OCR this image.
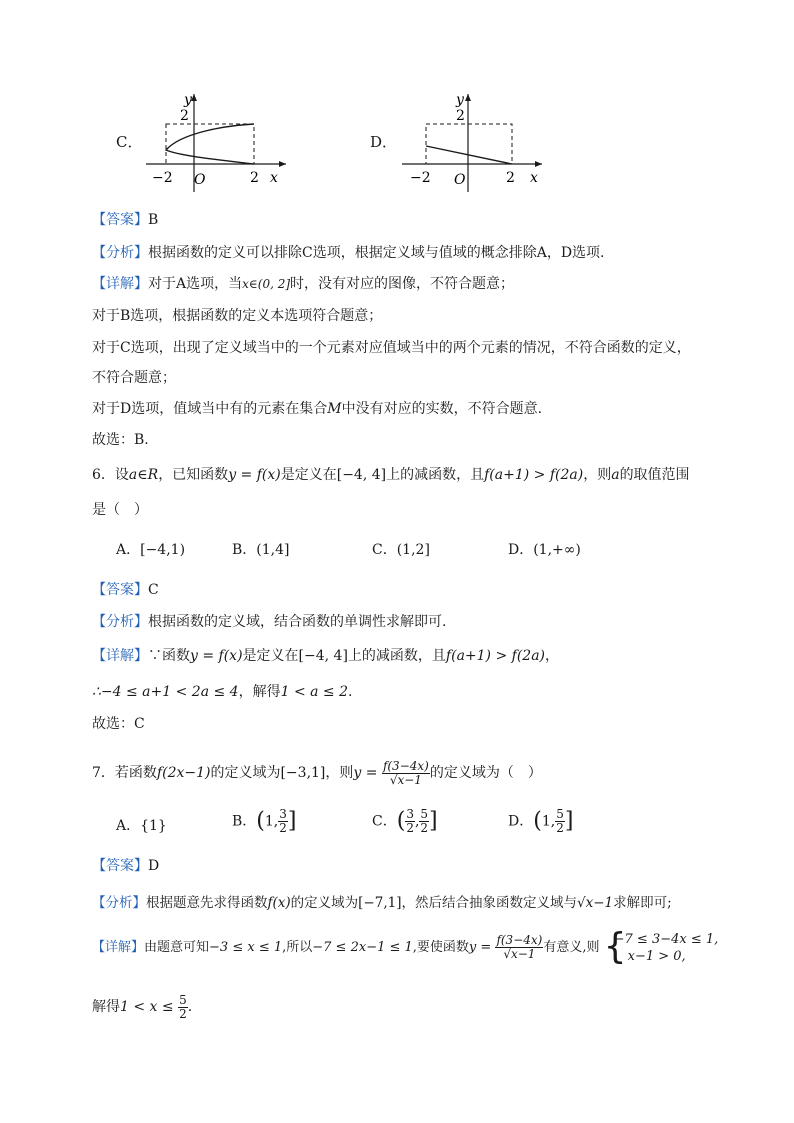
C．
y
2
−2 O	2 x
D．
y
2
−2 O	2 x
【答案】B
【分析】根据函数的定义可以排除C选项，根据定义域与值域的概念排除A，D选项.
【详解】对于A选项，当x∈(0, 2]时，没有对应的图像，不符合题意；
对于B选项，根据函数的定义本选项符合题意；
对于C选项，出现了定义域当中的一个元素对应值域当中的两个元素的情况，不符合函数的定义，
不符合题意；
对于D选项，值域当中有的元素在集合M中没有对应的实数，不符合题意.
故选：B.
6．设a∈R，已知函数y = f(x)是定义在[−4, 4]上的减函数，且f(a+1) > f(2a)，则a的取值范围
是（　）
A．[−4,1)	B．(1,4]	C．(1,2]	D．(1,+∞)
【答案】C
【分析】根据函数的定义域，结合函数的单调性求解即可.
【详解】∵函数y = f(x)是定义在[−4, 4]上的减函数，且f(a+1) > f(2a)，
∴−4 ≤ a+1 < 2a ≤ 4，解得1 < a ≤ 2.
故选：C
7．若函数f(2x−1)的定义域为[−3,1]，则$y = \frac{f(3-4x)}{√x-1}$ 的定义域为（　）
A．{1}	B．(1, $\frac{3}{2}$ ]	C．( $\frac{3}{2}$ , $\frac{5}{2}$ ]	D．(1, $\frac{5}{2}$ ]
【答案】D
【分析】根据题意先求得函数f(x)的定义域为[−7,1]，然后结合抽象函数定义域与√x−1求解即可;
【详解】由题意可知−3 ≤ x ≤ 1,所以−7 ≤ 2x−1 ≤ 1,要使函数$y = \frac{f(3-4x)}{√x-1}$ 有意义,则 {
−7 ≤ 3−4x ≤ 1,
x−1 > 0,
解得$1 < x \le \frac{5}{2}$ .
